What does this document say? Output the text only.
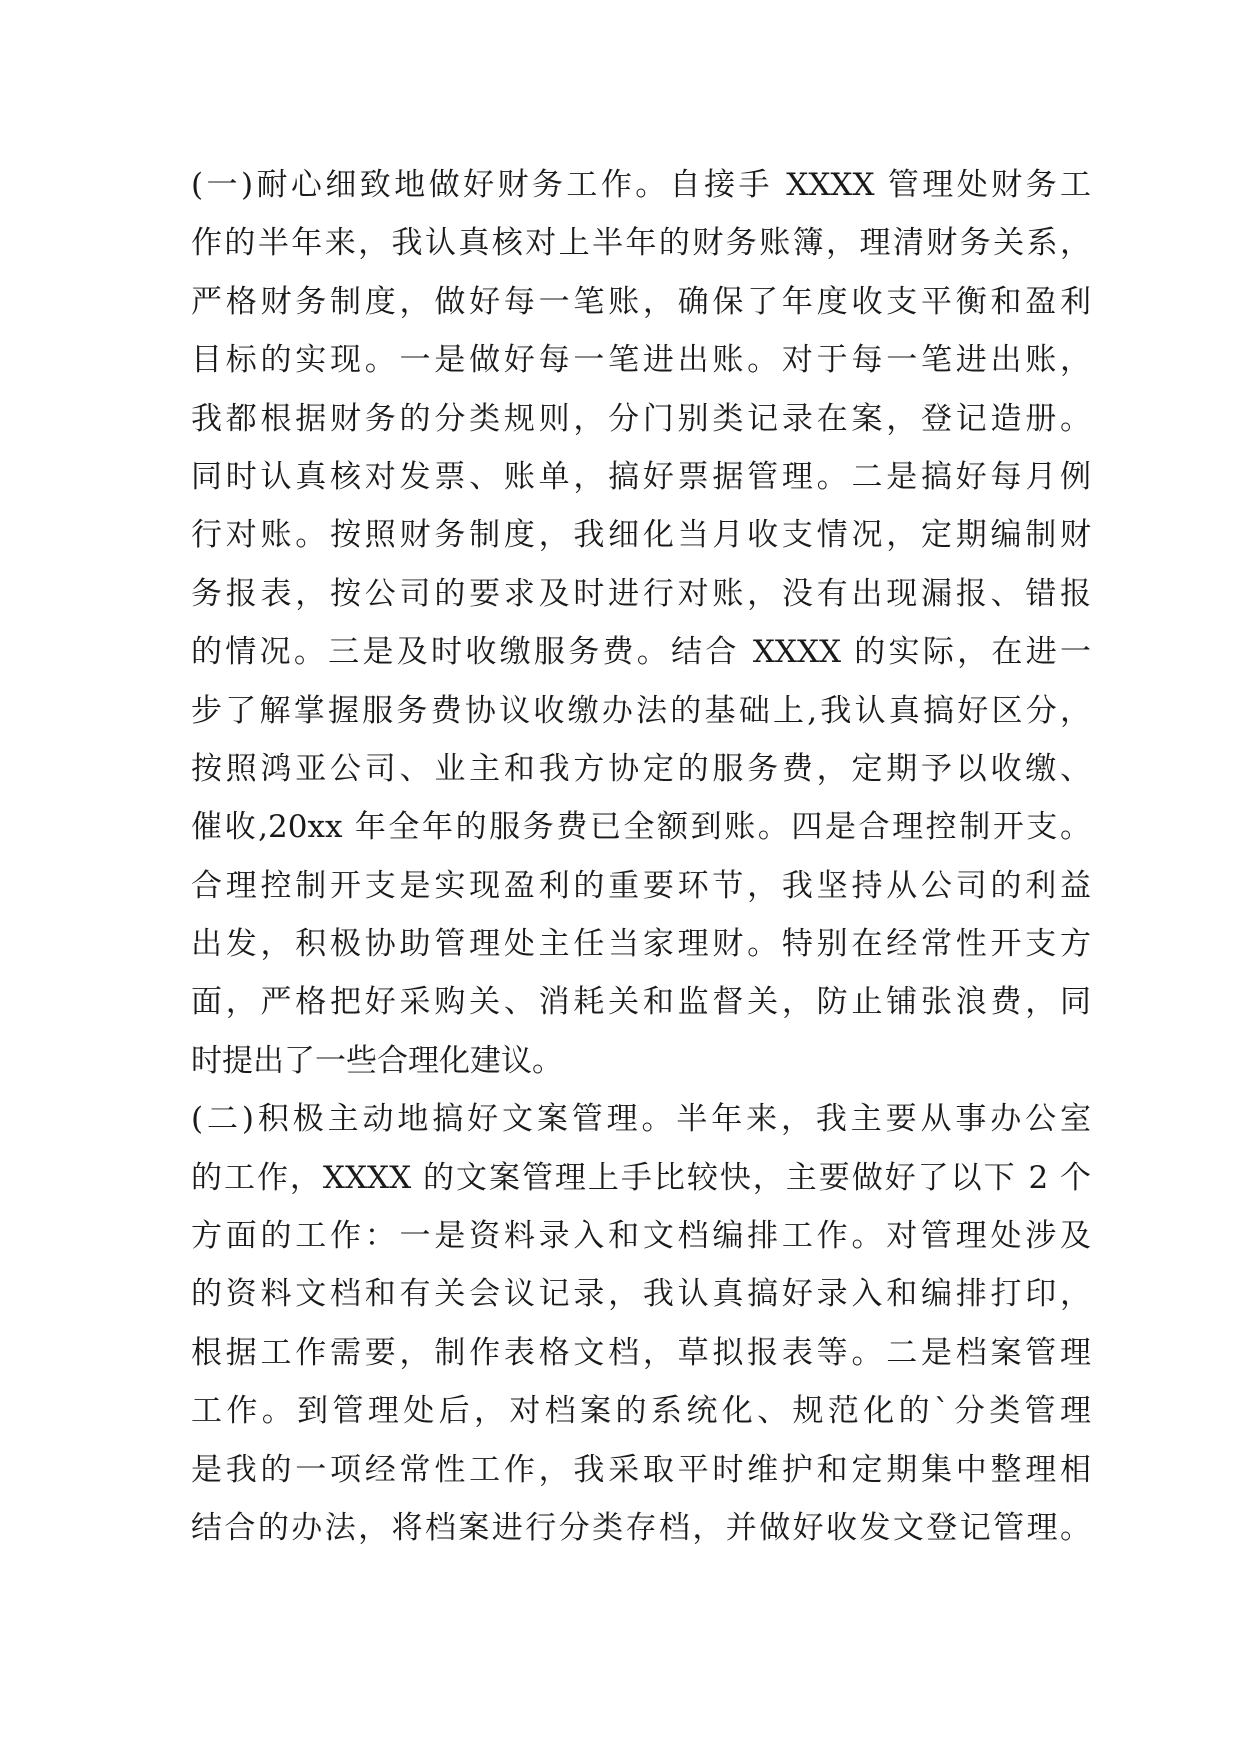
(一)耐心细致地做好财务工作。自接手 XXXX 管理处财务工
作的半年来，我认真核对上半年的财务账簿，理清财务关系，
严格财务制度，做好每一笔账，确保了年度收支平衡和盈利
目标的实现。一是做好每一笔进出账。对于每一笔进出账，
我都根据财务的分类规则，分门别类记录在案，登记造册。
同时认真核对发票、账单，搞好票据管理。二是搞好每月例
行对账。按照财务制度，我细化当月收支情况，定期编制财
务报表，按公司的要求及时进行对账，没有出现漏报、错报
的情况。三是及时收缴服务费。结合 XXXX 的实际，在进一
步了解掌握服务费协议收缴办法的基础上,我认真搞好区分，
按照鸿亚公司、业主和我方协定的服务费，定期予以收缴、
催收,20xx 年全年的服务费已全额到账。四是合理控制开支。
合理控制开支是实现盈利的重要环节，我坚持从公司的利益
出发，积极协助管理处主任当家理财。特别在经常性开支方
面，严格把好采购关、消耗关和监督关，防止铺张浪费，同
时提出了一些合理化建议。
(二)积极主动地搞好文案管理。半年来，我主要从事办公室
的工作，XXXX 的文案管理上手比较快，主要做好了以下 2 个
方面的工作：一是资料录入和文档编排工作。对管理处涉及
的资料文档和有关会议记录，我认真搞好录入和编排打印，
根据工作需要，制作表格文档，草拟报表等。二是档案管理
工作。到管理处后，对档案的系统化、规范化的`分类管理
是我的一项经常性工作，我采取平时维护和定期集中整理相
结合的办法，将档案进行分类存档，并做好收发文登记管理。
